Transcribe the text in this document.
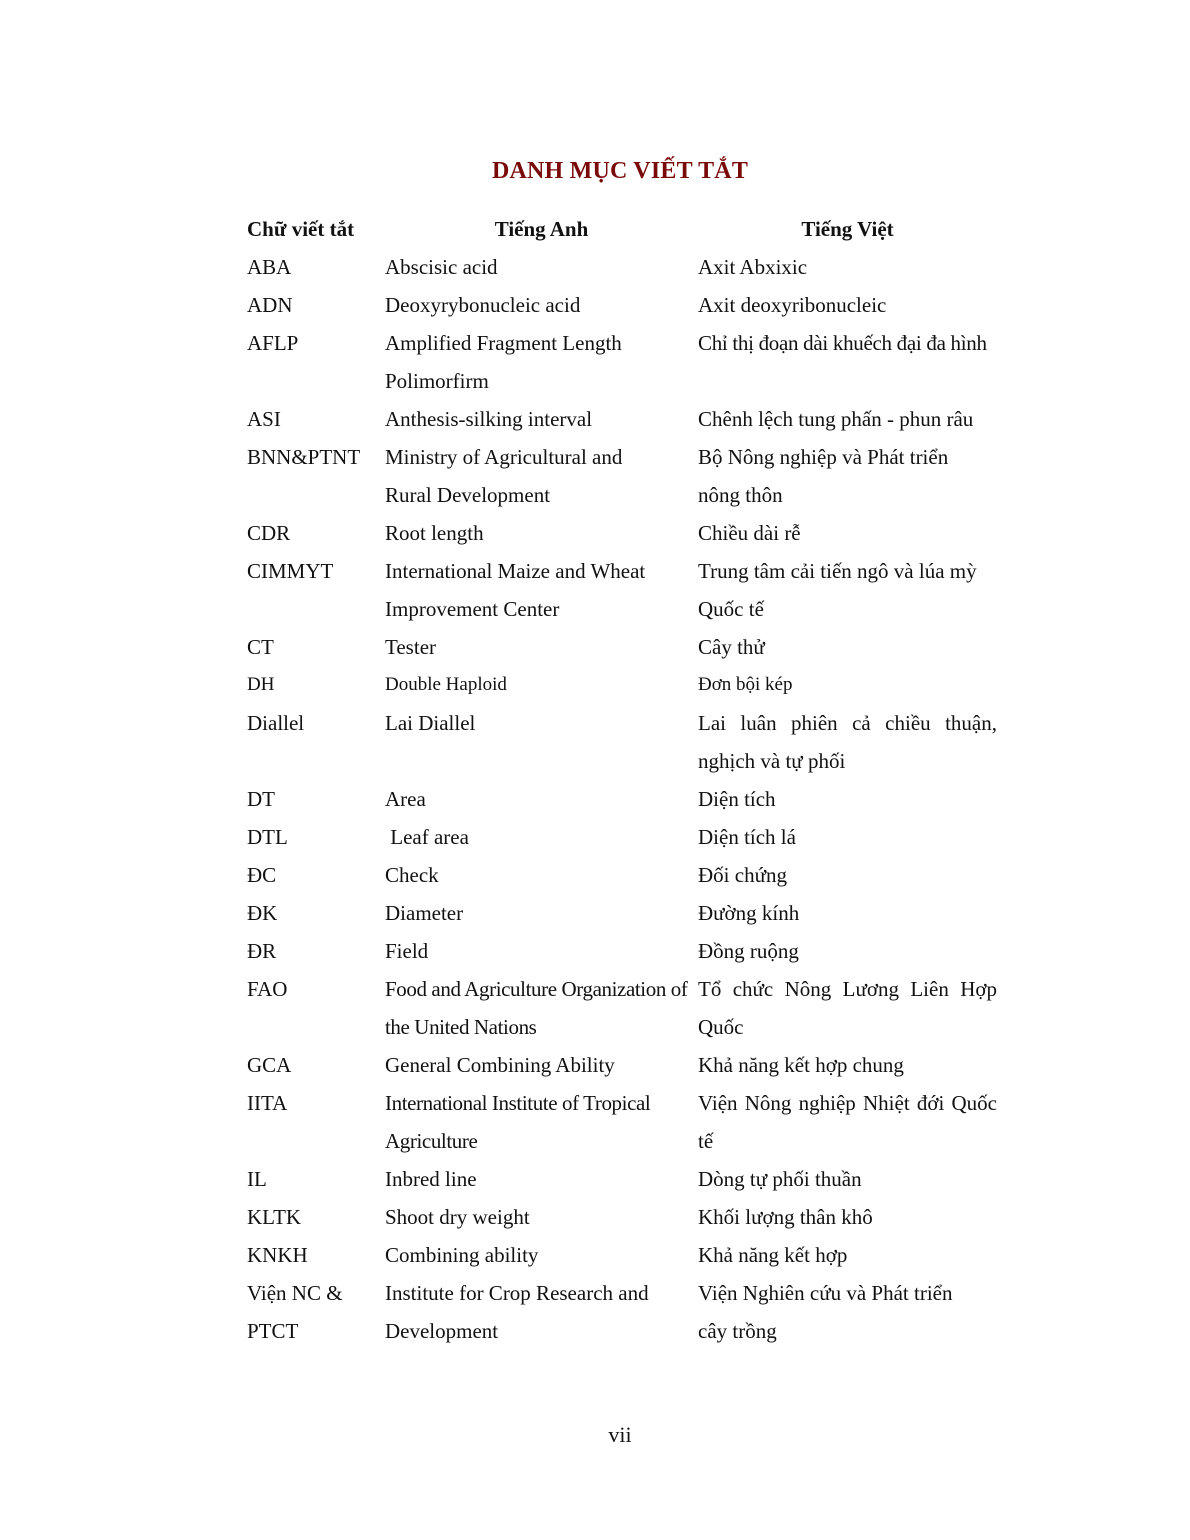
DANH MỤC VIẾT TẮT
Chữ viết tắt	Tiếng Anh	Tiếng Việt
ABA	Abscisic acid	Axit Abxixic
ADN	Deoxyrybonucleic acid	Axit deoxyribonucleic
AFLP	Amplified Fragment Length Polimorfirm	Chỉ thị đoạn dài khuếch đại đa hình
ASI	Anthesis-silking interval	Chênh lệch tung phấn - phun râu
BNN&PTNT	Ministry of Agricultural and Rural Development	Bộ Nông nghiệp và Phát triển nông thôn
CDR	Root length	Chiều dài rễ
CIMMYT	International Maize and Wheat Improvement Center	Trung tâm cải tiến ngô và lúa mỳ Quốc tế
CT	Tester	Cây thử
DH	Double Haploid	Đơn bội kép
Diallel	Lai Diallel	Lai luân phiên cả chiều thuận, nghịch và tự phối
DT	Area	Diện tích
DTL	Leaf area	Diện tích lá
ĐC	Check	Đối chứng
ĐK	Diameter	Đường kính
ĐR	Field	Đồng ruộng
FAO	Food and Agriculture Organization of the United Nations	Tổ chức Nông Lương Liên Hợp Quốc
GCA	General Combining Ability	Khả năng kết hợp chung
IITA	International Institute of Tropical Agriculture	Viện Nông nghiệp Nhiệt đới Quốc tế
IL	Inbred line	Dòng tự phối thuần
KLTK	Shoot dry weight	Khối lượng thân khô
KNKH	Combining ability	Khả năng kết hợp
Viện NC & PTCT	Institute for Crop Research and Development	Viện Nghiên cứu và Phát triển cây trồng
vii
